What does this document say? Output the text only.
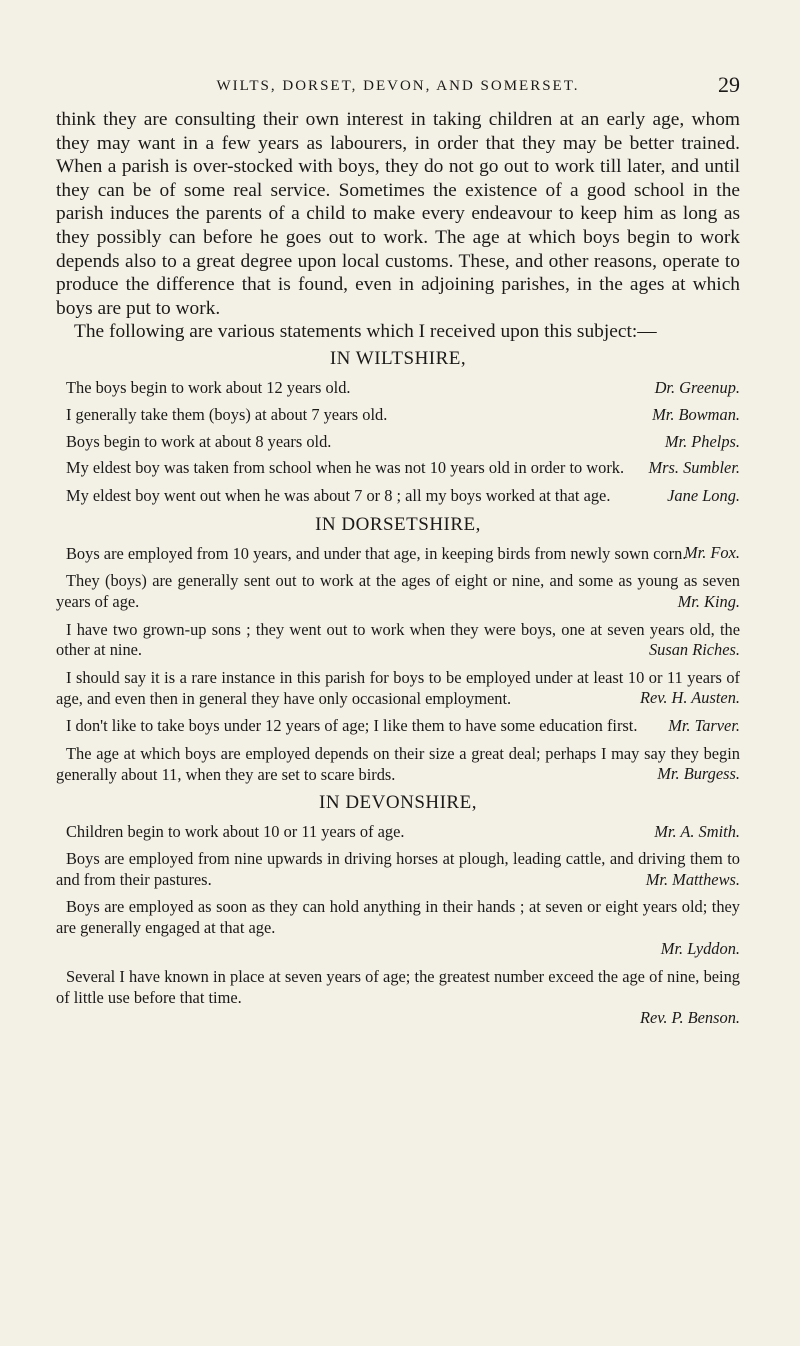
WILTS, DORSET, DEVON, AND SOMERSET.	29

think they are consulting their own interest in taking children at an early age, whom they may want in a few years as labourers, in order that they may be better trained. When a parish is over-stocked with boys, they do not go out to work till later, and until they can be of some real service. Sometimes the existence of a good school in the parish induces the parents of a child to make every endeavour to keep him as long as they possibly can before he goes out to work. The age at which boys begin to work depends also to a great degree upon local customs. These, and other reasons, operate to produce the difference that is found, even in adjoining parishes, in the ages at which boys are put to work.

The following are various statements which I received upon this subject:—

IN WILTSHIRE,
The boys begin to work about 12 years old.	Dr. Greenup.
I generally take them (boys) at about 7 years old.	Mr. Bowman.
Boys begin to work at about 8 years old.	Mr. Phelps.
My eldest boy was taken from school when he was not 10 years old in order to work.	Mrs. Sumbler.
My eldest boy went out when he was about 7 or 8 ; all my boys worked at that age.	Jane Long.
IN DORSETSHIRE,
Boys are employed from 10 years, and under that age, in keeping birds from newly sown corn.
Mr. Fox.
They (boys) are generally sent out to work at the ages of eight or nine, and some as young as seven years of age.	Mr. King.
I have two grown-up sons ; they went out to work when they were boys, one at seven years old, the other at nine.	Susan Riches.
I should say it is a rare instance in this parish for boys to be employed under at least 10 or 11 years of age, and even then in general they have only occasional employment.	Rev. H. Austen.
I don't like to take boys under 12 years of age; I like them to have some education first.	Mr. Tarver.
The age at which boys are employed depends on their size a great deal; perhaps I may say they begin generally about 11, when they are set to scare birds.	Mr. Burgess.
IN DEVONSHIRE,
Children begin to work about 10 or 11 years of age.	Mr. A. Smith.
Boys are employed from nine upwards in driving horses at plough, leading cattle, and driving them to and from their pastures.	Mr. Matthews.
Boys are employed as soon as they can hold anything in their hands ; at seven or eight years old; they are generally engaged at that age.
Mr. Lyddon.
Several I have known in place at seven years of age; the greatest number exceed the age of nine, being of little use before that time.
Rev. P. Benson.
